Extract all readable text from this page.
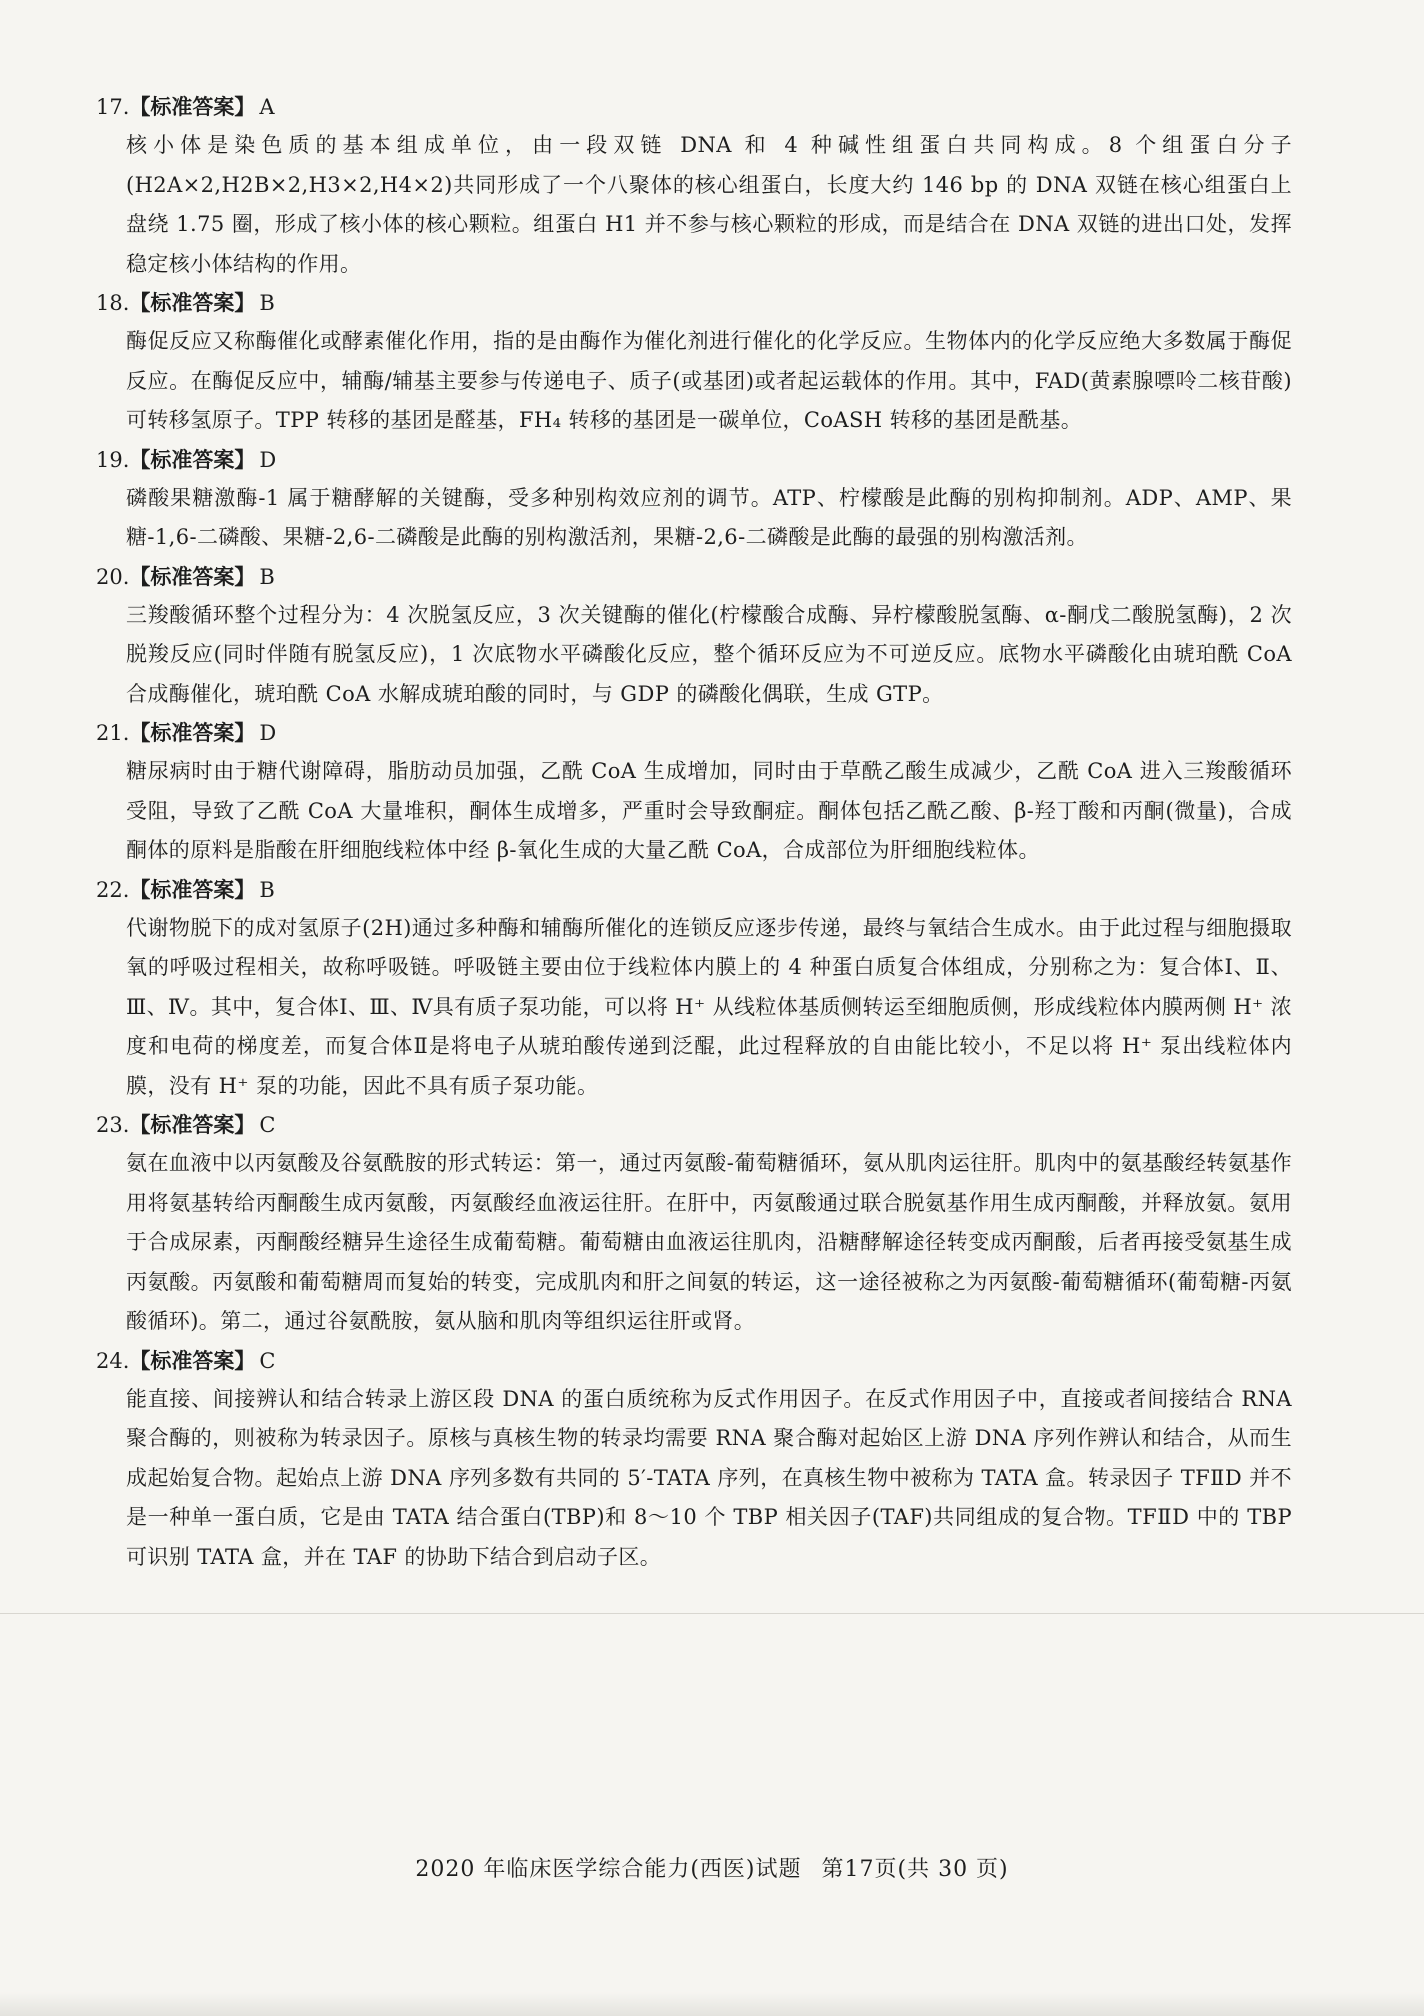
17.【标准答案】 A

核小体是染色质的基本组成单位，由一段双链 DNA 和 4 种碱性组蛋白共同构成。8 个组蛋白分子(H2A×2,H2B×2,H3×2,H4×2)共同形成了一个八聚体的核心组蛋白，长度大约 146 bp 的 DNA 双链在核心组蛋白上盘绕 1.75 圈，形成了核小体的核心颗粒。组蛋白 H1 并不参与核心颗粒的形成，而是结合在 DNA 双链的进出口处，发挥稳定核小体结构的作用。

18.【标准答案】 B

酶促反应又称酶催化或酵素催化作用，指的是由酶作为催化剂进行催化的化学反应。生物体内的化学反应绝大多数属于酶促反应。在酶促反应中，辅酶/辅基主要参与传递电子、质子(或基团)或者起运载体的作用。其中，FAD(黄素腺嘌呤二核苷酸)可转移氢原子。TPP 转移的基团是醛基，FH₄ 转移的基团是一碳单位，CoASH 转移的基团是酰基。

19.【标准答案】 D

磷酸果糖激酶-1 属于糖酵解的关键酶，受多种别构效应剂的调节。ATP、柠檬酸是此酶的别构抑制剂。ADP、AMP、果糖-1,6-二磷酸、果糖-2,6-二磷酸是此酶的别构激活剂，果糖-2,6-二磷酸是此酶的最强的别构激活剂。

20.【标准答案】 B

三羧酸循环整个过程分为：4 次脱氢反应，3 次关键酶的催化(柠檬酸合成酶、异柠檬酸脱氢酶、α-酮戊二酸脱氢酶)，2 次脱羧反应(同时伴随有脱氢反应)，1 次底物水平磷酸化反应，整个循环反应为不可逆反应。底物水平磷酸化由琥珀酰 CoA 合成酶催化，琥珀酰 CoA 水解成琥珀酸的同时，与 GDP 的磷酸化偶联，生成 GTP。

21.【标准答案】 D

糖尿病时由于糖代谢障碍，脂肪动员加强，乙酰 CoA 生成增加，同时由于草酰乙酸生成减少，乙酰 CoA 进入三羧酸循环受阻，导致了乙酰 CoA 大量堆积，酮体生成增多，严重时会导致酮症。酮体包括乙酰乙酸、β-羟丁酸和丙酮(微量)，合成酮体的原料是脂酸在肝细胞线粒体中经 β-氧化生成的大量乙酰 CoA，合成部位为肝细胞线粒体。

22.【标准答案】 B

代谢物脱下的成对氢原子(2H)通过多种酶和辅酶所催化的连锁反应逐步传递，最终与氧结合生成水。由于此过程与细胞摄取氧的呼吸过程相关，故称呼吸链。呼吸链主要由位于线粒体内膜上的 4 种蛋白质复合体组成，分别称之为：复合体Ⅰ、Ⅱ、Ⅲ、Ⅳ。其中，复合体Ⅰ、Ⅲ、Ⅳ具有质子泵功能，可以将 H⁺ 从线粒体基质侧转运至细胞质侧，形成线粒体内膜两侧 H⁺ 浓度和电荷的梯度差，而复合体Ⅱ是将电子从琥珀酸传递到泛醌，此过程释放的自由能比较小，不足以将 H⁺ 泵出线粒体内膜，没有 H⁺ 泵的功能，因此不具有质子泵功能。

23.【标准答案】 C

氨在血液中以丙氨酸及谷氨酰胺的形式转运：第一，通过丙氨酸-葡萄糖循环，氨从肌肉运往肝。肌肉中的氨基酸经转氨基作用将氨基转给丙酮酸生成丙氨酸，丙氨酸经血液运往肝。在肝中，丙氨酸通过联合脱氨基作用生成丙酮酸，并释放氨。氨用于合成尿素，丙酮酸经糖异生途径生成葡萄糖。葡萄糖由血液运往肌肉，沿糖酵解途径转变成丙酮酸，后者再接受氨基生成丙氨酸。丙氨酸和葡萄糖周而复始的转变，完成肌肉和肝之间氨的转运，这一途径被称之为丙氨酸-葡萄糖循环(葡萄糖-丙氨酸循环)。第二，通过谷氨酰胺，氨从脑和肌肉等组织运往肝或肾。

24.【标准答案】 C

能直接、间接辨认和结合转录上游区段 DNA 的蛋白质统称为反式作用因子。在反式作用因子中，直接或者间接结合 RNA 聚合酶的，则被称为转录因子。原核与真核生物的转录均需要 RNA 聚合酶对起始区上游 DNA 序列作辨认和结合，从而生成起始复合物。起始点上游 DNA 序列多数有共同的 5′-TATA 序列，在真核生物中被称为 TATA 盒。转录因子 TFⅡD 并不是一种单一蛋白质，它是由 TATA 结合蛋白(TBP)和 8～10 个 TBP 相关因子(TAF)共同组成的复合物。TFⅡD 中的 TBP 可识别 TATA 盒，并在 TAF 的协助下结合到启动子区。

2020 年临床医学综合能力(西医)试题 第17页(共 30 页)
